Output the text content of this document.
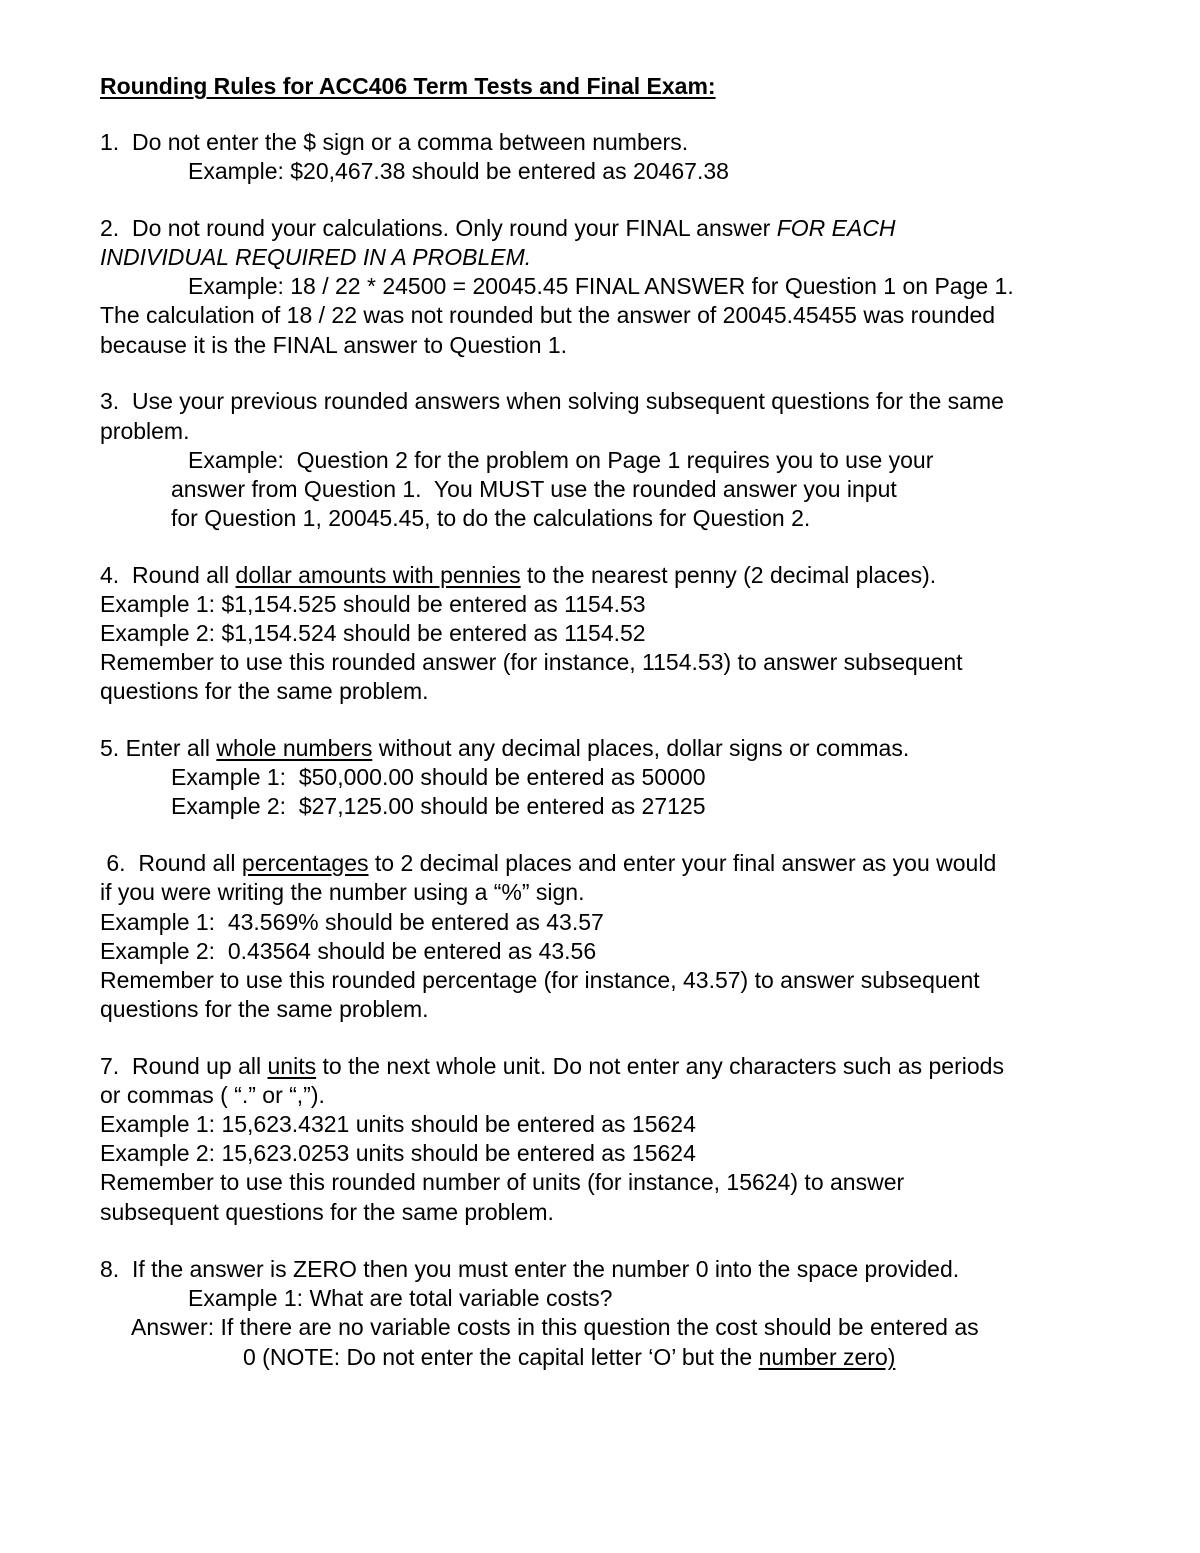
Rounding Rules for ACC406 Term Tests and Final Exam:
1.  Do not enter the $ sign or a comma between numbers.
Example: $20,467.38 should be entered as 20467.38
2.  Do not round your calculations. Only round your FINAL answer FOR EACH
INDIVIDUAL REQUIRED IN A PROBLEM.
Example: 18 / 22 * 24500 = 20045.45 FINAL ANSWER for Question 1 on Page 1.
The calculation of 18 / 22 was not rounded but the answer of 20045.45455 was rounded
because it is the FINAL answer to Question 1.
3.  Use your previous rounded answers when solving subsequent questions for the same
problem.
Example:  Question 2 for the problem on Page 1 requires you to use your
answer from Question 1.  You MUST use the rounded answer you input
for Question 1, 20045.45, to do the calculations for Question 2.
4.  Round all dollar amounts with pennies to the nearest penny (2 decimal places).
Example 1: $1,154.525 should be entered as 1154.53
Example 2: $1,154.524 should be entered as 1154.52
Remember to use this rounded answer (for instance, 1154.53) to answer subsequent
questions for the same problem.
5. Enter all whole numbers without any decimal places, dollar signs or commas.
Example 1:  $50,000.00 should be entered as 50000
Example 2:  $27,125.00 should be entered as 27125
6.  Round all percentages to 2 decimal places and enter your final answer as you would
if you were writing the number using a “%” sign.
Example 1:  43.569% should be entered as 43.57
Example 2:  0.43564 should be entered as 43.56
Remember to use this rounded percentage (for instance, 43.57) to answer subsequent
questions for the same problem.
7.  Round up all units to the next whole unit. Do not enter any characters such as periods
or commas ( “.” or “,”).
Example 1: 15,623.4321 units should be entered as 15624
Example 2: 15,623.0253 units should be entered as 15624
Remember to use this rounded number of units (for instance, 15624) to answer
subsequent questions for the same problem.
8.  If the answer is ZERO then you must enter the number 0 into the space provided.
Example 1: What are total variable costs?
Answer: If there are no variable costs in this question the cost should be entered as
0 (NOTE: Do not enter the capital letter ‘O’ but the number zero)
